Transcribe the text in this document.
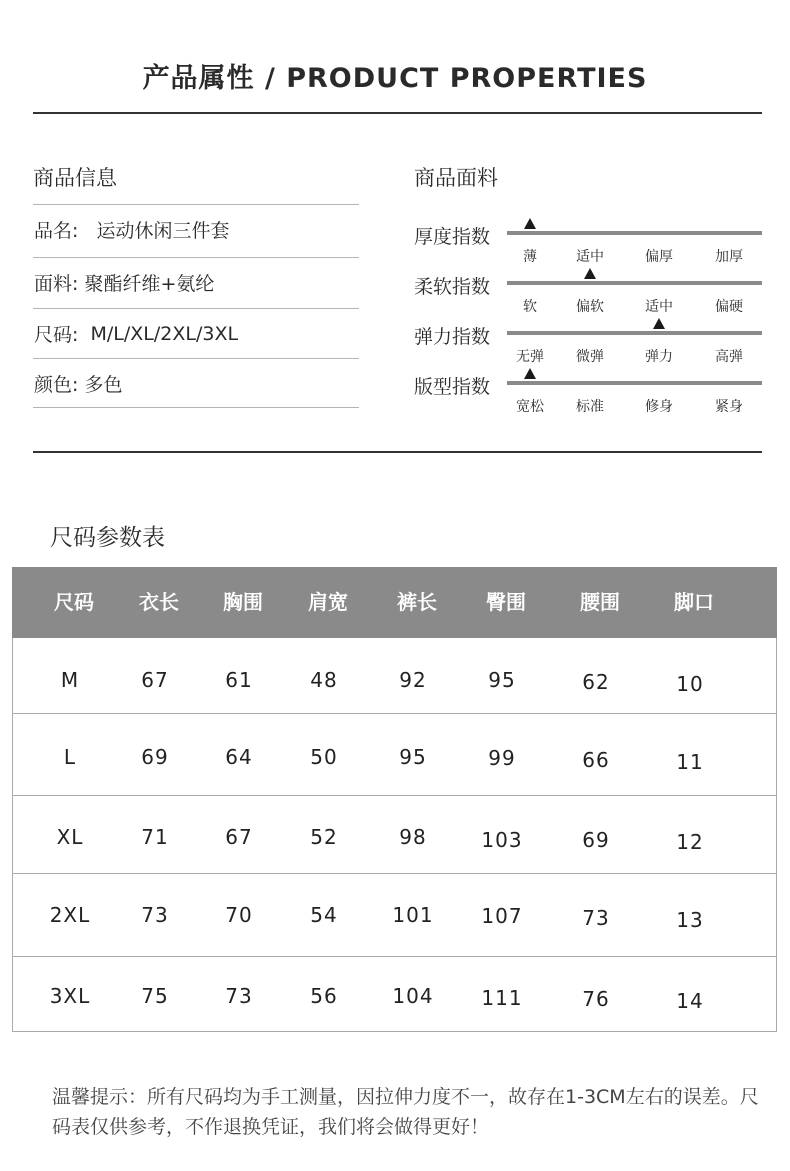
产品属性 / PRODUCT PROPERTIES
商品信息
品名: 运动休闲三件套
面料: 聚酯纤维+氨纶
尺码: M/L/XL/2XL/3XL
颜色: 多色
商品面料
厚度指数
薄	适中	偏厚	加厚
柔软指数
软	偏软	适中	偏硬
弹力指数
无弹	微弹	弹力	高弹
版型指数
宽松	标准	修身	紧身
尺码参数表
尺码	衣长	胸围	肩宽	裤长	臀围	腰围	脚口
M	67	61	48	92	95	62	10
L	69	64	50	95	99	66	11
XL	71	67	52	98	103	69	12
2XL	73	70	54	101	107	73	13
3XL	75	73	56	104	111	76	14
温馨提示：所有尺码均为手工测量，因拉伸力度不一，故存在1-3CM左右的误差。尺码表仅供参考，不作退换凭证，我们将会做得更好！
